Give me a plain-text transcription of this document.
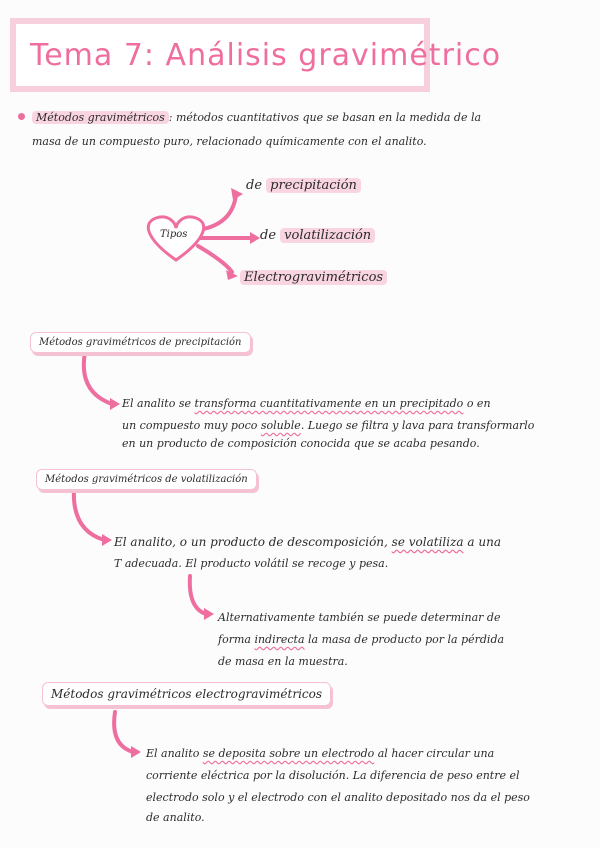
Tema 7: Análisis gravimétrico
Métodos gravimétricos : métodos cuantitativos que se basan en la medida de la
masa de un compuesto puro, relacionado químicamente con el analito.
Tipos
de precipitación
de volatilización
Electrogravimétricos
Métodos gravimétricos de precipitación
El analito se transforma cuantitativamente en un precipitado o en
un compuesto muy poco soluble. Luego se filtra y lava para transformarlo
en un producto de composición conocida que se acaba pesando.
Métodos gravimétricos de volatilización
El analito, o un producto de descomposición, se volatiliza a una
T adecuada. El producto volátil se recoge y pesa.
Alternativamente también se puede determinar de
forma indirecta la masa de producto por la pérdida
de masa en la muestra.
Métodos gravimétricos electrogravimétricos
El analito se deposita sobre un electrodo al hacer circular una
corriente eléctrica por la disolución. La diferencia de peso entre el
electrodo solo y el electrodo con el analito depositado nos da el peso
de analito.
